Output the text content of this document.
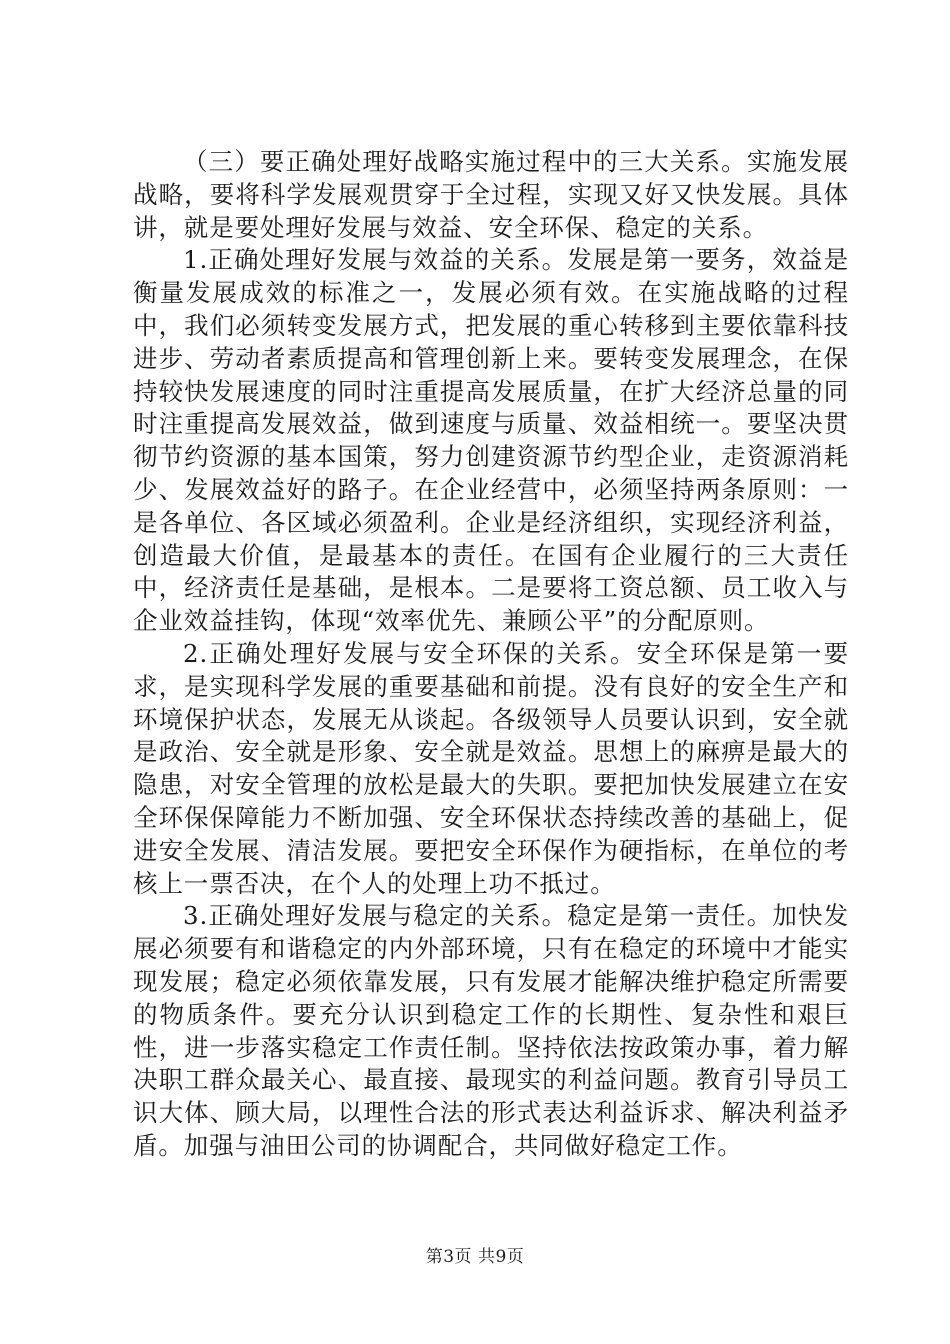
（三）要正确处理好战略实施过程中的三大关系。实施发展战略，要将科学发展观贯穿于全过程，实现又好又快发展。具体讲，就是要处理好发展与效益、安全环保、稳定的关系。

1.正确处理好发展与效益的关系。发展是第一要务，效益是衡量发展成效的标准之一，发展必须有效。在实施战略的过程中，我们必须转变发展方式，把发展的重心转移到主要依靠科技进步、劳动者素质提高和管理创新上来。要转变发展理念，在保持较快发展速度的同时注重提高发展质量，在扩大经济总量的同时注重提高发展效益，做到速度与质量、效益相统一。要坚决贯彻节约资源的基本国策，努力创建资源节约型企业，走资源消耗少、发展效益好的路子。在企业经营中，必须坚持两条原则：一是各单位、各区域必须盈利。企业是经济组织，实现经济利益，创造最大价值，是最基本的责任。在国有企业履行的三大责任中，经济责任是基础，是根本。二是要将工资总额、员工收入与企业效益挂钩，体现“效率优先、兼顾公平”的分配原则。

2.正确处理好发展与安全环保的关系。安全环保是第一要求，是实现科学发展的重要基础和前提。没有良好的安全生产和环境保护状态，发展无从谈起。各级领导人员要认识到，安全就是政治、安全就是形象、安全就是效益。思想上的麻痹是最大的隐患，对安全管理的放松是最大的失职。要把加快发展建立在安全环保保障能力不断加强、安全环保状态持续改善的基础上，促进安全发展、清洁发展。要把安全环保作为硬指标，在单位的考核上一票否决，在个人的处理上功不抵过。

3.正确处理好发展与稳定的关系。稳定是第一责任。加快发展必须要有和谐稳定的内外部环境，只有在稳定的环境中才能实现发展；稳定必须依靠发展，只有发展才能解决维护稳定所需要的物质条件。要充分认识到稳定工作的长期性、复杂性和艰巨性，进一步落实稳定工作责任制。坚持依法按政策办事，着力解决职工群众最关心、最直接、最现实的利益问题。教育引导员工识大体、顾大局，以理性合法的形式表达利益诉求、解决利益矛盾。加强与油田公司的协调配合，共同做好稳定工作。

第3页 共9页
